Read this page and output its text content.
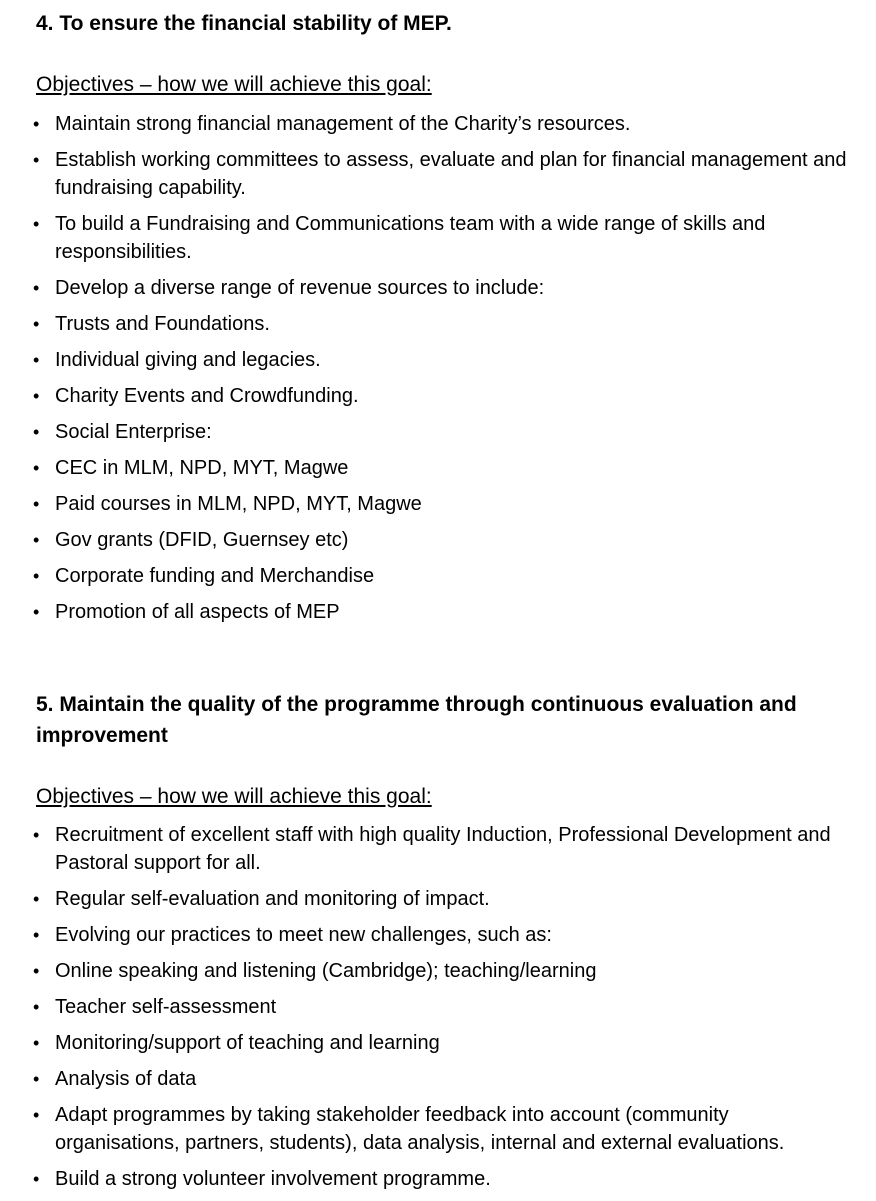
4. To ensure the financial stability of MEP.
Objectives – how we will achieve this goal:
• Maintain strong financial management of the Charity’s resources.
• Establish working committees to assess, evaluate and plan for financial management and fundraising capability.
• To build a Fundraising and Communications team with a wide range of skills and responsibilities.
• Develop a diverse range of revenue sources to include:
• Trusts and Foundations.
• Individual giving and legacies.
• Charity Events and Crowdfunding.
• Social Enterprise:
• CEC in MLM, NPD, MYT, Magwe
• Paid courses in MLM, NPD, MYT, Magwe
• Gov grants (DFID, Guernsey etc)
• Corporate funding and Merchandise
• Promotion of all aspects of MEP
5. Maintain the quality of the programme through continuous evaluation and improvement
Objectives – how we will achieve this goal:
• Recruitment of excellent staff with high quality Induction, Professional Development and Pastoral support for all.
• Regular self-evaluation and monitoring of impact.
• Evolving our practices to meet new challenges, such as:
• Online speaking and listening (Cambridge); teaching/learning
• Teacher self-assessment
• Monitoring/support of teaching and learning
• Analysis of data
• Adapt programmes by taking stakeholder feedback into account (community organisations, partners, students), data analysis, internal and external evaluations.
• Build a strong volunteer involvement programme.
